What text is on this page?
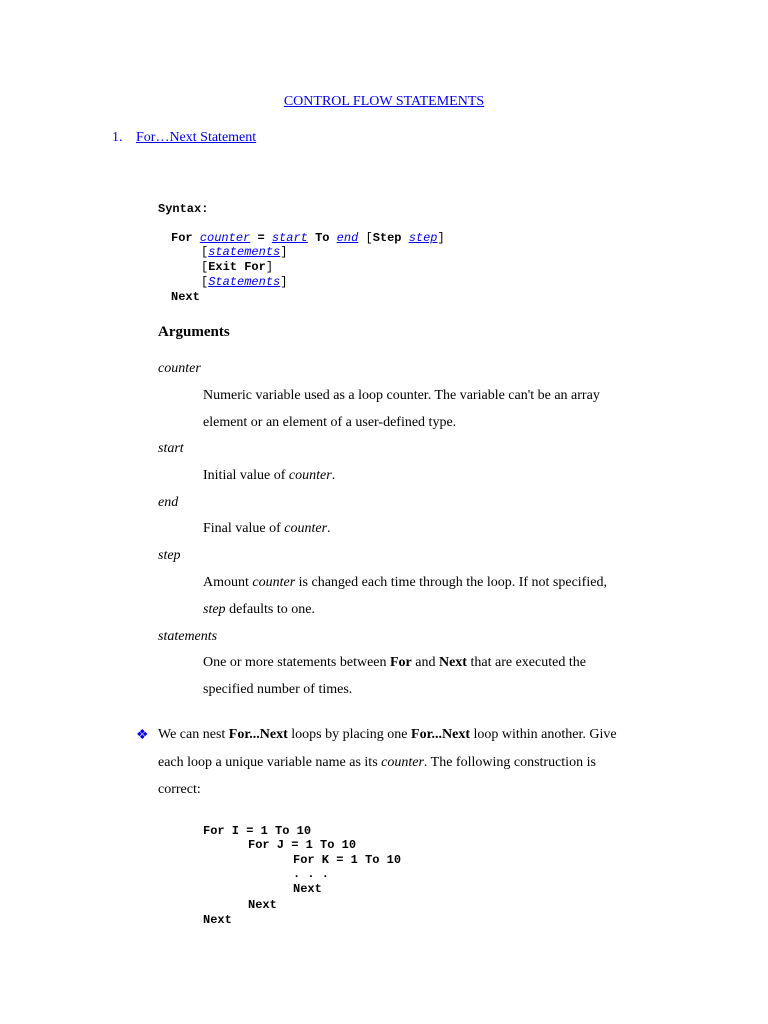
CONTROL FLOW STATEMENTS
1. For…Next Statement
Syntax:
For counter = start To end [Step step]
[statements]
[Exit For]
[Statements]
Next
Arguments
counter
Numeric variable used as a loop counter. The variable can't be an array
element or an element of a user-defined type.
start
Initial value of counter.
end
Final value of counter.
step
Amount counter is changed each time through the loop. If not specified,
step defaults to one.
statements
One or more statements between For and Next that are executed the
specified number of times.
❖ We can nest For...Next loops by placing one For...Next loop within another. Give
each loop a unique variable name as its counter. The following construction is
correct:
For I = 1 To 10
For J = 1 To 10
For K = 1 To 10
. . .
Next
Next
Next
